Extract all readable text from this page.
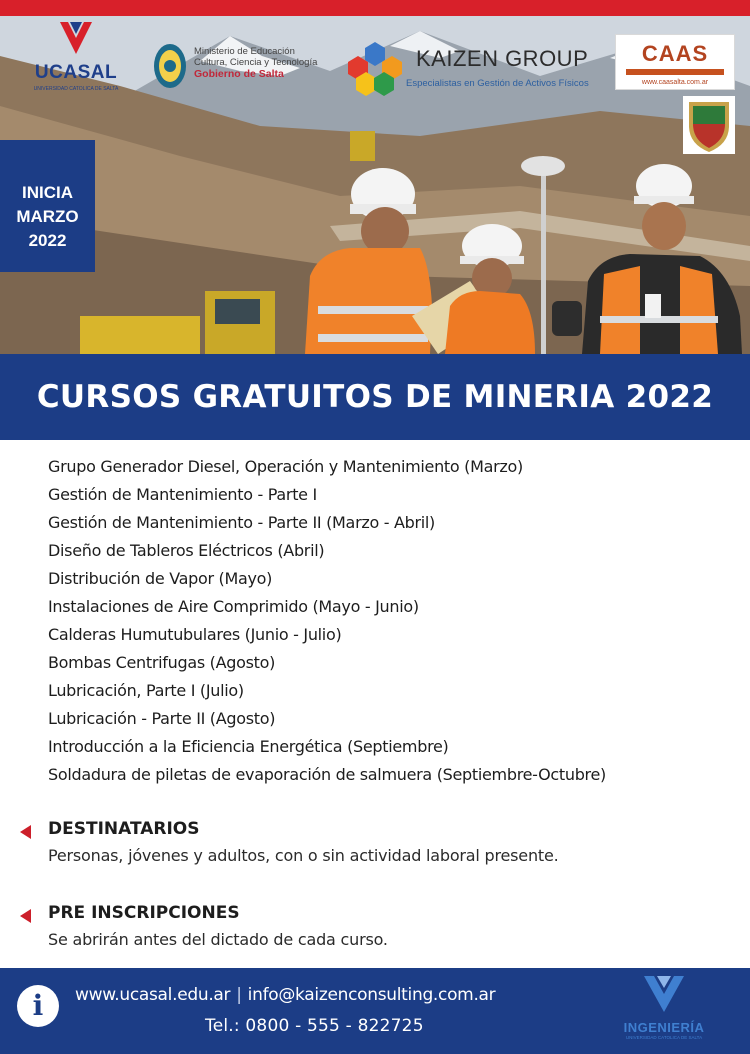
UCASAL
UNIVERSIDAD CATOLICA DE SALTA
Ministerio de Educación
Cultura, Ciencia y Tecnología
Gobierno de Salta
KAIZEN GROUP
Especialistas en Gestión de Activos Físicos
CAAS
www.caasalta.com.ar
INICIA
MARZO
2022
CURSOS GRATUITOS DE MINERIA 2022
Grupo Generador Diesel, Operación y Mantenimiento (Marzo)
Gestión de Mantenimiento - Parte I
Gestión de Mantenimiento - Parte II (Marzo - Abril)
Diseño de Tableros Eléctricos (Abril)
Distribución de Vapor (Mayo)
Instalaciones de Aire Comprimido (Mayo - Junio)
Calderas Humutubulares (Junio - Julio)
Bombas Centrifugas (Agosto)
Lubricación, Parte I (Julio)
Lubricación - Parte II (Agosto)
Introducción a la Eficiencia Energética (Septiembre)
Soldadura de piletas de evaporación de salmuera (Septiembre-Octubre)
DESTINATARIOS
Personas, jóvenes y adultos, con o sin actividad laboral presente.
PRE INSCRIPCIONES
Se abrirán antes del dictado de cada curso.
i	www.ucasal.edu.ar | info@kaizenconsulting.com.ar
Tel.: 0800 - 555 - 822725	INGENIERÍA
UNIVERSIDAD CATOLICA DE SALTA
